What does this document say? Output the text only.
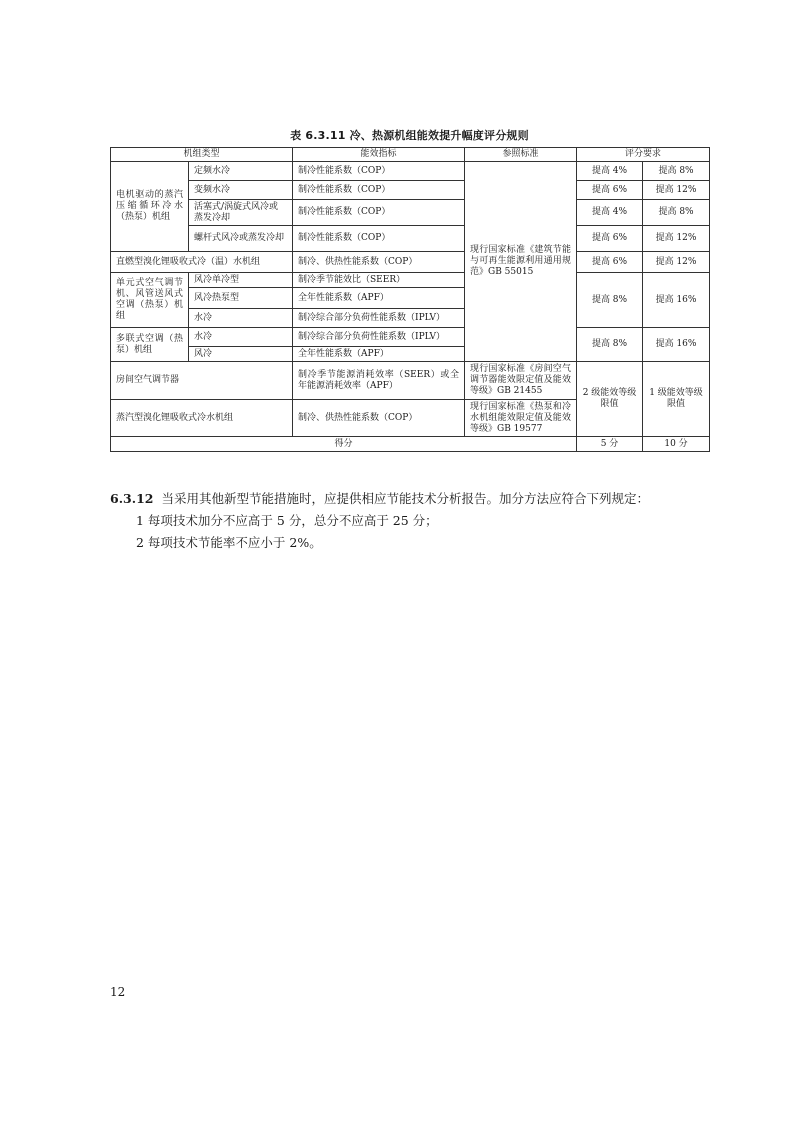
表 6.3.11 冷、热源机组能效提升幅度评分规则
机组类型		能效指标	参照标准	评分要求	
电机驱动的蒸汽压缩循环冷水（热泵）机组	定频水冷	制冷性能系数（COP）	现行国家标准《建筑节能与可再生能源利用通用规范》GB 55015	提高 4%	提高 8%
	变频水冷	制冷性能系数（COP）		提高 6%	提高 12%
	活塞式/涡旋式风冷或蒸发冷却	制冷性能系数（COP）		提高 4%	提高 8%
	螺杆式风冷或蒸发冷却	制冷性能系数（COP）		提高 6%	提高 12%
直燃型溴化锂吸收式冷（温）水机组		制冷、供热性能系数（COP）		提高 6%	提高 12%
单元式空气调节机、风管送风式空调（热泵）机组	风冷单冷型	制冷季节能效比（SEER）		提高 8%	提高 16%
	风冷热泵型	全年性能系数（APF）			
	水冷	制冷综合部分负荷性能系数（IPLV）			
多联式空调（热泵）机组	水冷	制冷综合部分负荷性能系数（IPLV）		提高 8%	提高 16%
	风冷	全年性能系数（APF）			
房间空气调节器		制冷季节能源消耗效率（SEER）或全年能源消耗效率（APF）	现行国家标准《房间空气调节器能效限定值及能效等级》GB 21455	2 级能效等级限值	1 级能效等级限值
蒸汽型溴化锂吸收式冷水机组		制冷、供热性能系数（COP）	现行国家标准《热泵和冷水机组能效限定值及能效等级》GB 19577		
得分				5 分	10 分

6.3.12 当采用其他新型节能措施时，应提供相应节能技术分析报告。加分方法应符合下列规定：

1 每项技术加分不应高于 5 分，总分不应高于 25 分；

2 每项技术节能率不应小于 2%。

12
